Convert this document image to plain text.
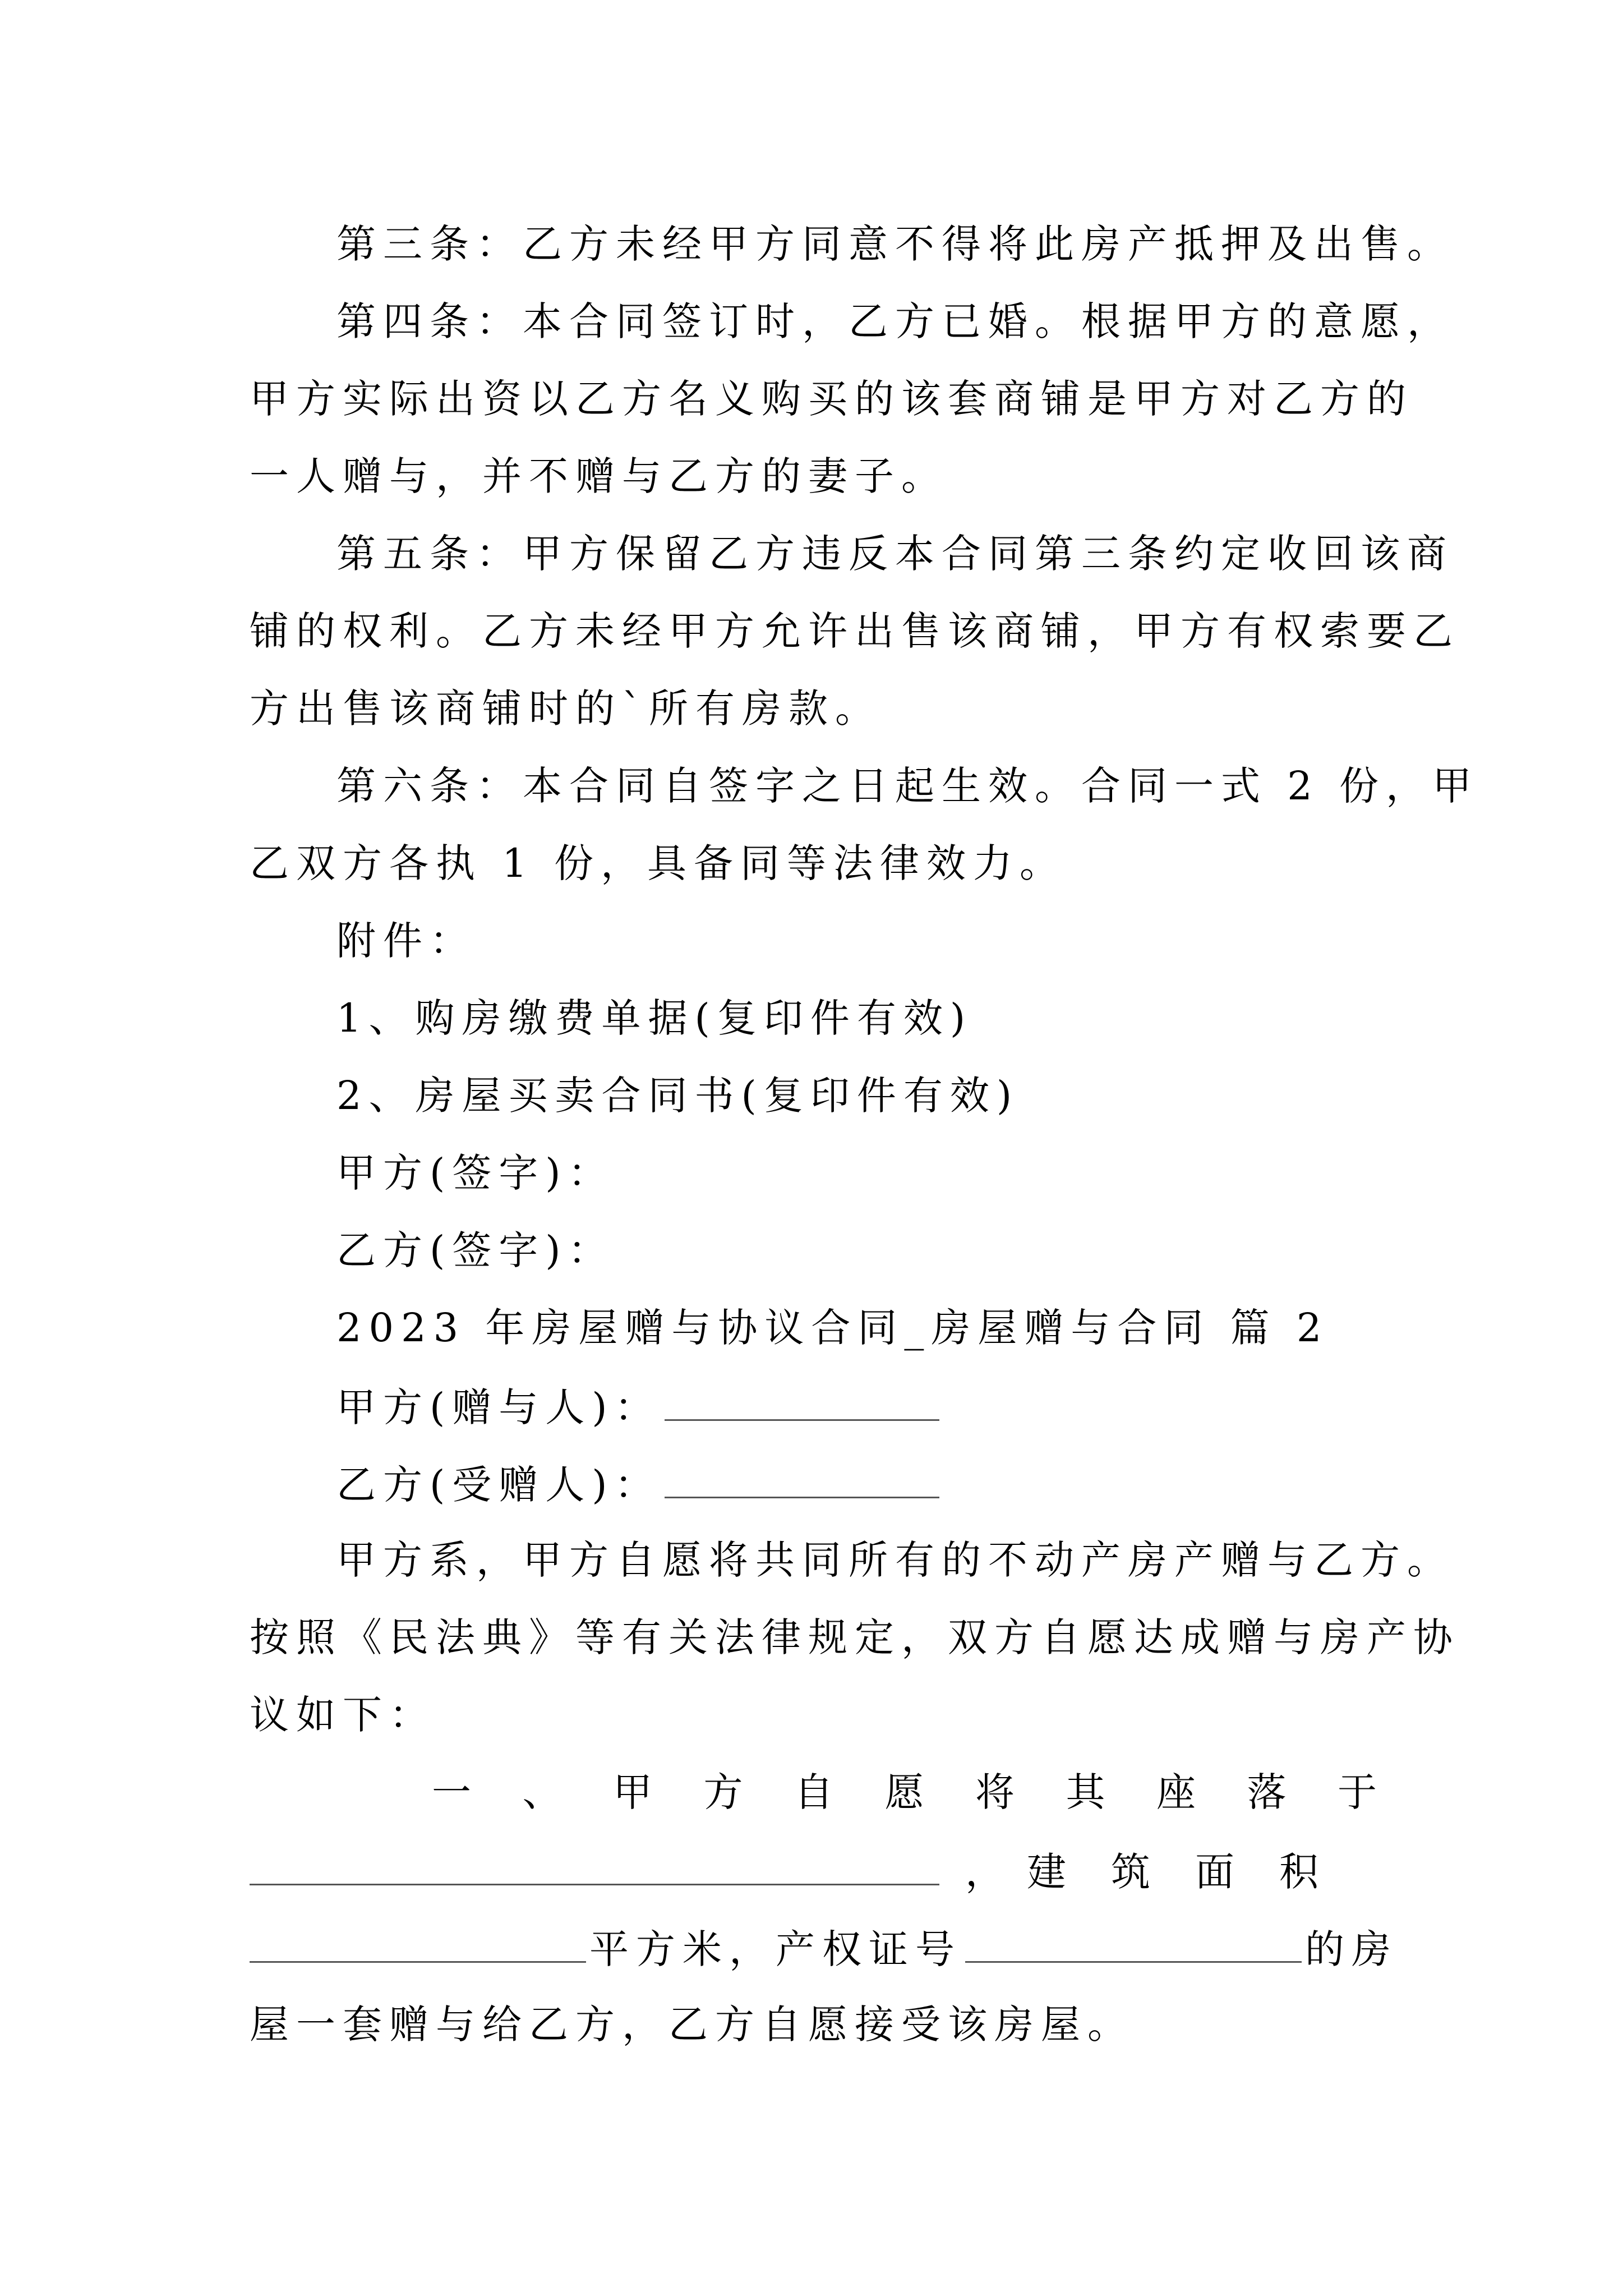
第三条：乙方未经甲方同意不得将此房产抵押及出售。
第四条：本合同签订时，乙方已婚。根据甲方的意愿，
甲方实际出资以乙方名义购买的该套商铺是甲方对乙方的
一人赠与，并不赠与乙方的妻子。
第五条：甲方保留乙方违反本合同第三条约定收回该商
铺的权利。乙方未经甲方允许出售该商铺，甲方有权索要乙
方出售该商铺时的`所有房款。
第六条：本合同自签字之日起生效。合同一式 2 份，甲
乙双方各执 1 份，具备同等法律效力。
附件：
1、购房缴费单据(复印件有效)
2、房屋买卖合同书(复印件有效)
甲方(签字)：
乙方(签字)：
2023 年房屋赠与协议合同_房屋赠与合同 篇 2
甲方(赠与人)：
乙方(受赠人)：
甲方系，甲方自愿将共同所有的不动产房产赠与乙方。
按照《民法典》等有关法律规定，双方自愿达成赠与房产协
议如下：
一 、 甲 方 自 愿 将 其 座 落 于
， 建筑面积
平方米，产权证号	的房
屋一套赠与给乙方，乙方自愿接受该房屋。
